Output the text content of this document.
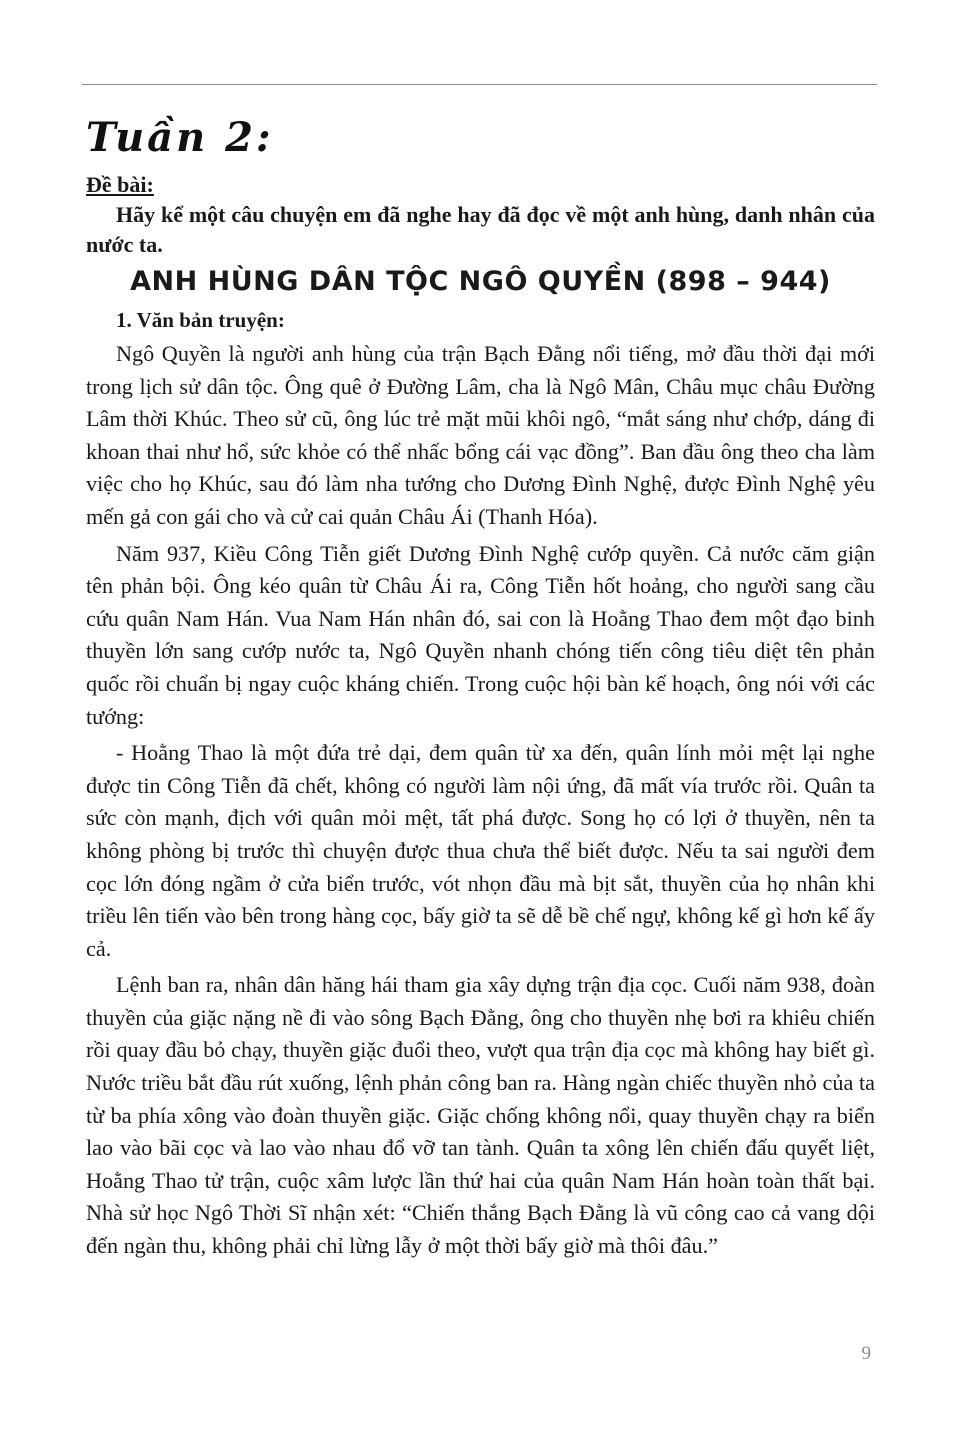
Tuần 2:

Đề bài:

Hãy kể một câu chuyện em đã nghe hay đã đọc về một anh hùng, danh nhân của nước ta.

ANH HÙNG DÂN TỘC NGÔ QUYỀN (898 – 944)

1. Văn bản truyện:

Ngô Quyền là người anh hùng của trận Bạch Đằng nổi tiếng, mở đầu thời đại mới trong lịch sử dân tộc. Ông quê ở Đường Lâm, cha là Ngô Mân, Châu mục châu Đường Lâm thời Khúc. Theo sử cũ, ông lúc trẻ mặt mũi khôi ngô, “mắt sáng như chớp, dáng đi khoan thai như hổ, sức khỏe có thể nhấc bổng cái vạc đồng”. Ban đầu ông theo cha làm việc cho họ Khúc, sau đó làm nha tướng cho Dương Đình Nghệ, được Đình Nghệ yêu mến gả con gái cho và cử cai quản Châu Ái (Thanh Hóa).

Năm 937, Kiều Công Tiễn giết Dương Đình Nghệ cướp quyền. Cả nước căm giận tên phản bội. Ông kéo quân từ Châu Ái ra, Công Tiễn hốt hoảng, cho người sang cầu cứu quân Nam Hán. Vua Nam Hán nhân đó, sai con là Hoằng Thao đem một đạo binh thuyền lớn sang cướp nước ta, Ngô Quyền nhanh chóng tiến công tiêu diệt tên phản quốc rồi chuẩn bị ngay cuộc kháng chiến. Trong cuộc hội bàn kế hoạch, ông nói với các tướng:

- Hoằng Thao là một đứa trẻ dại, đem quân từ xa đến, quân lính mỏi mệt lại nghe được tin Công Tiễn đã chết, không có người làm nội ứng, đã mất vía trước rồi. Quân ta sức còn mạnh, địch với quân mỏi mệt, tất phá được. Song họ có lợi ở thuyền, nên ta không phòng bị trước thì chuyện được thua chưa thể biết được. Nếu ta sai người đem cọc lớn đóng ngầm ở cửa biển trước, vót nhọn đầu mà bịt sắt, thuyền của họ nhân khi triều lên tiến vào bên trong hàng cọc, bấy giờ ta sẽ dễ bề chế ngự, không kế gì hơn kế ấy cả.

Lệnh ban ra, nhân dân hăng hái tham gia xây dựng trận địa cọc. Cuối năm 938, đoàn thuyền của giặc nặng nề đi vào sông Bạch Đằng, ông cho thuyền nhẹ bơi ra khiêu chiến rồi quay đầu bỏ chạy, thuyền giặc đuổi theo, vượt qua trận địa cọc mà không hay biết gì. Nước triều bắt đầu rút xuống, lệnh phản công ban ra. Hàng ngàn chiếc thuyền nhỏ của ta từ ba phía xông vào đoàn thuyền giặc. Giặc chống không nổi, quay thuyền chạy ra biển lao vào bãi cọc và lao vào nhau đổ vỡ tan tành. Quân ta xông lên chiến đấu quyết liệt, Hoằng Thao tử trận, cuộc xâm lược lần thứ hai của quân Nam Hán hoàn toàn thất bại. Nhà sử học Ngô Thời Sĩ nhận xét: “Chiến thắng Bạch Đằng là vũ công cao cả vang dội đến ngàn thu, không phải chỉ lừng lẫy ở một thời bấy giờ mà thôi đâu.”

9
